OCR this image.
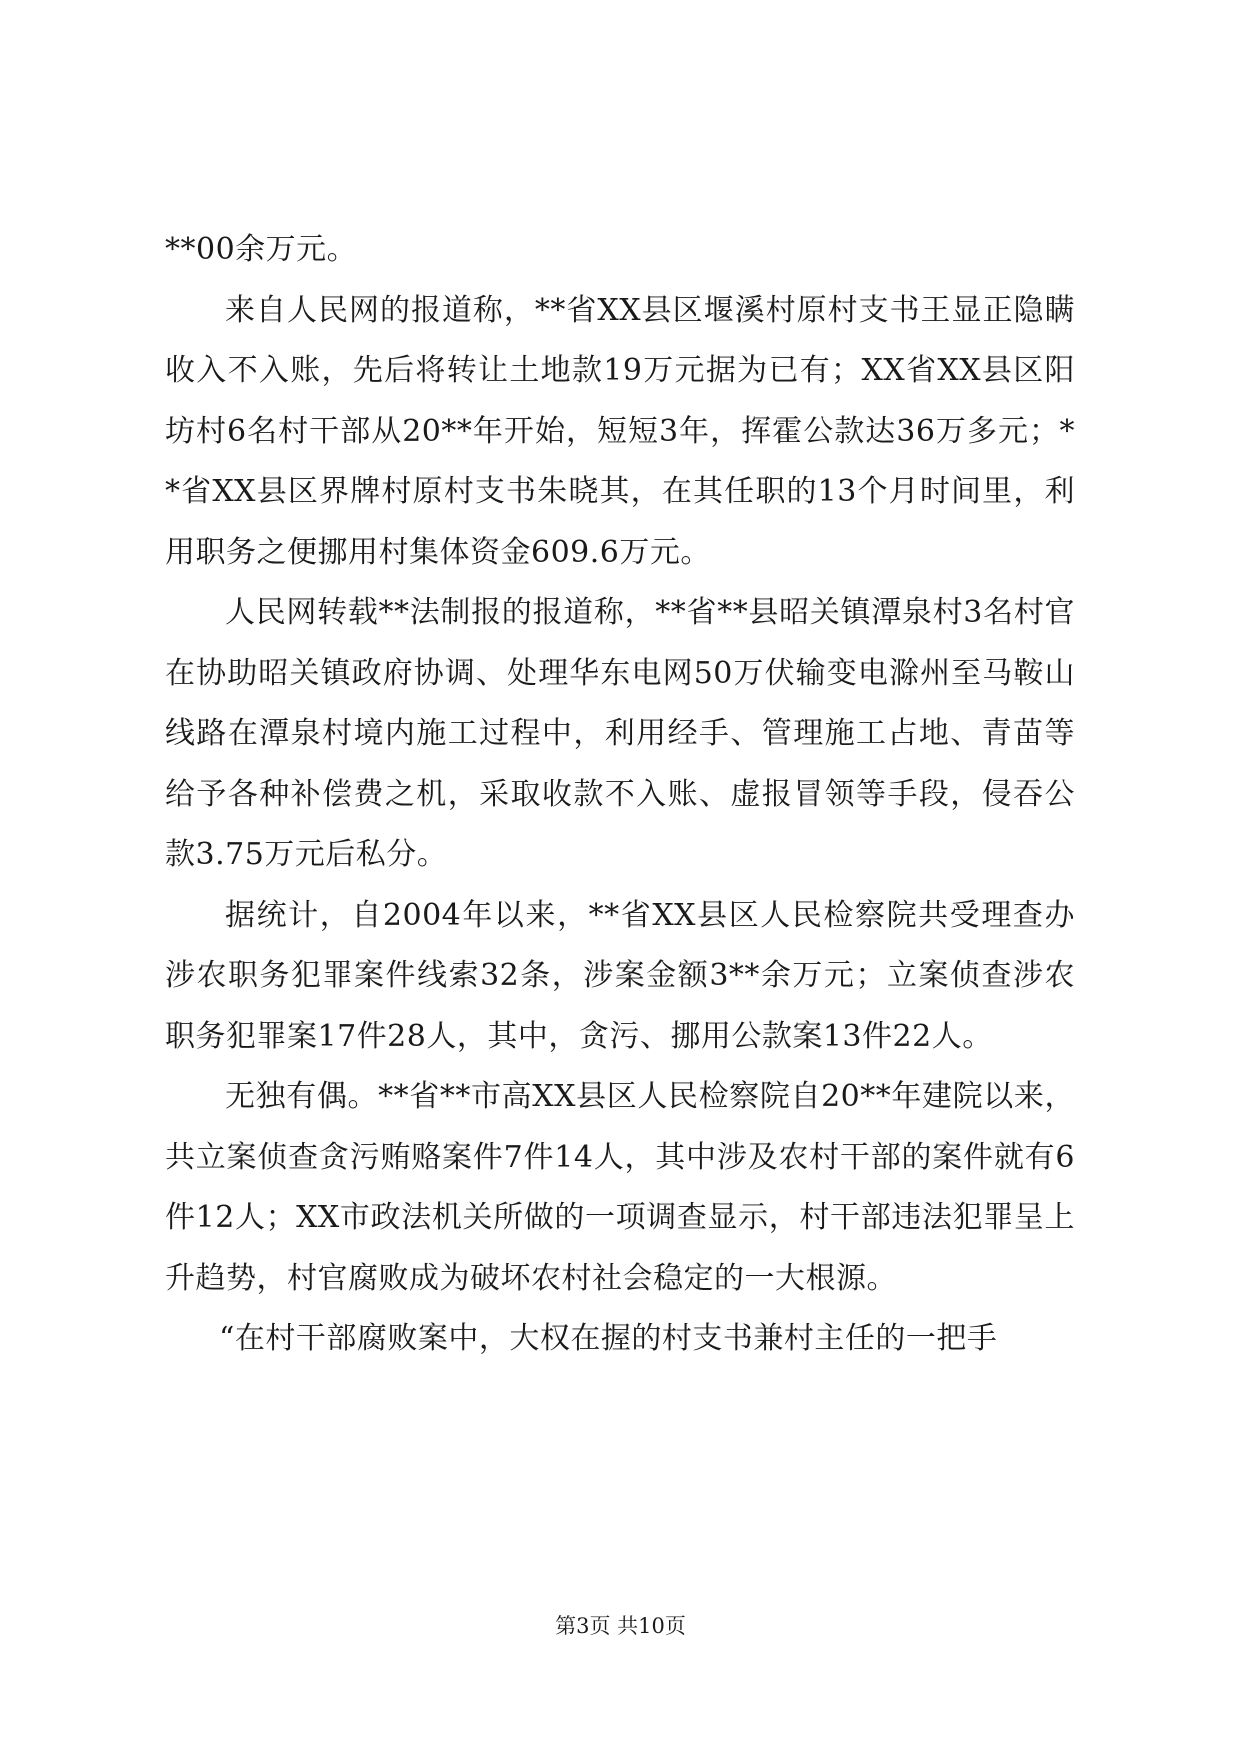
**00余万元。

来自人民网的报道称，**省XX县区堰溪村原村支书王显正隐瞒收入不入账，先后将转让土地款19万元据为已有；XX省XX县区阳坊村6名村干部从20**年开始，短短3年，挥霍公款达36万多元；**省XX县区界牌村原村支书朱晓其，在其任职的13个月时间里，利用职务之便挪用村集体资金609.6万元。

人民网转载**法制报的报道称，**省**县昭关镇潭泉村3名村官在协助昭关镇政府协调、处理华东电网50万伏输变电滁州至马鞍山线路在潭泉村境内施工过程中，利用经手、管理施工占地、青苗等给予各种补偿费之机，采取收款不入账、虚报冒领等手段，侵吞公款3.75万元后私分。

据统计，自2004年以来，**省XX县区人民检察院共受理查办涉农职务犯罪案件线索32条，涉案金额3**余万元；立案侦查涉农职务犯罪案17件28人，其中，贪污、挪用公款案13件22人。

无独有偶。**省**市高XX县区人民检察院自20**年建院以来，共立案侦查贪污贿赂案件7件14人，其中涉及农村干部的案件就有6件12人；XX市政法机关所做的一项调查显示，村干部违法犯罪呈上升趋势，村官腐败成为破坏农村社会稳定的一大根源。

“在村干部腐败案中，大权在握的村支书兼村主任的一把手

第3页 共10页
